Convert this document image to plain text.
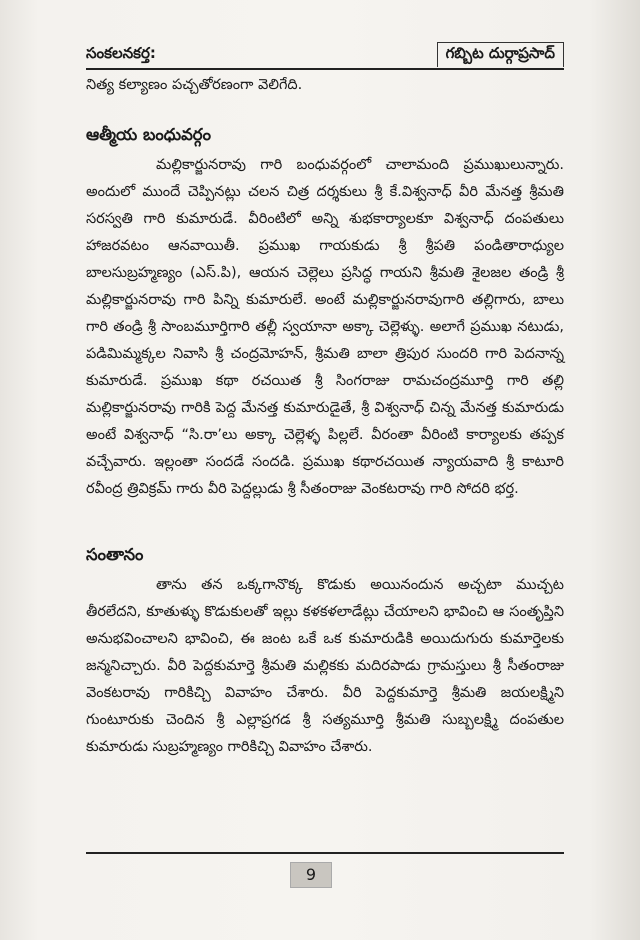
సంకలనకర్త:	గబ్బిట దుర్గాప్రసాద్

నిత్య కల్యాణం పచ్చతోరణంగా వెలిగేది.

ఆత్మీయ బంధువర్గం

మల్లికార్జునరావు గారి బంధువర్గంలో చాలామంది ప్రముఖులున్నారు. అందులో ముందే చెప్పినట్లు చలన చిత్ర దర్శకులు శ్రీ కే.విశ్వనాధ్ వీరి మేనత్త శ్రీమతి సరస్వతి గారి కుమారుడే. వీరింటిలో అన్ని శుభకార్యాలకూ విశ్వనాధ్ దంపతులు హాజరవటం ఆనవాయితీ. ప్రముఖ గాయకుడు శ్రీ శ్రీపతి పండితారాధ్యుల బాలసుబ్రహ్మణ్యం (ఎస్.పి), ఆయన చెల్లెలు ప్రసిద్ధ గాయని శ్రీమతి శైలజల తండ్రి శ్రీ మల్లికార్జునరావు గారి పిన్ని కుమారులే. అంటే మల్లికార్జునరావుగారి తల్లిగారు, బాలు గారి తండ్రి శ్రీ సాంబమూర్తిగారి తల్లీ స్వయానా అక్కా చెల్లెళ్ళు. అలాగే ప్రముఖ నటుడు, పడిమిమ్మక్కల నివాసి శ్రీ చంద్రమోహన్, శ్రీమతి బాలా త్రిపుర సుందరి గారి పెదనాన్న కుమారుడే. ప్రముఖ కథా రచయిత శ్రీ సింగరాజు రామచంద్రమూర్తి గారి తల్లి మల్లికార్జునరావు గారికి పెద్ద మేనత్త కుమారుడైతే, శ్రీ విశ్వనాధ్ చిన్న మేనత్త కుమారుడు అంటే విశ్వనాధ్ “సి.రా’లు అక్కా చెల్లెళ్ళ పిల్లలే. వీరంతా వీరింటి కార్యాలకు తప్పక వచ్చేవారు. ఇల్లంతా సందడే సందడి. ప్రముఖ కథారచయిత న్యాయవాది శ్రీ కాటూరి రవీంద్ర త్రివిక్రమ్ గారు వీరి పెద్దల్లుడు శ్రీ సీతంరాజు వెంకటరావు గారి సోదరి భర్త.

సంతానం

తాను తన ఒక్కగానొక్క కొడుకు అయినందున అచ్చటా ముచ్చట తీరలేదని, కూతుళ్ళు కొడుకులతో ఇల్లు కళకళలాడేట్లు చేయాలని భావించి ఆ సంతృప్తిని అనుభవించాలని భావించి, ఈ జంట ఒకే ఒక కుమారుడికి అయిదుగురు కుమార్తెలకు జన్మనిచ్చారు. వీరి పెద్దకుమార్తె శ్రీమతి మల్లికకు మదిరపాడు గ్రామస్తులు శ్రీ సీతంరాజు వెంకటరావు గారికిచ్చి వివాహం చేశారు. వీరి పెద్దకుమార్తె శ్రీమతి జయలక్ష్మిని గుంటూరుకు చెందిన శ్రీ ఎల్లాప్రగడ శ్రీ సత్యమూర్తి శ్రీమతి సుబ్బలక్ష్మి దంపతుల కుమారుడు సుబ్రహ్మణ్యం గారికిచ్చి వివాహం చేశారు.

9
